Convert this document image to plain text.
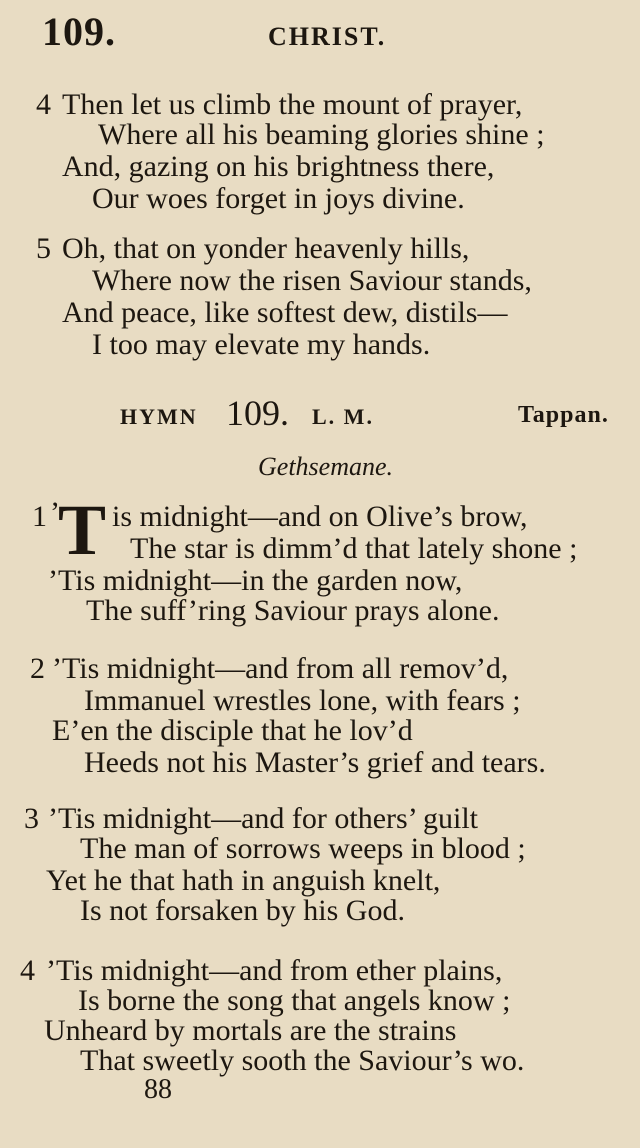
109.	CHRIST.
4 Then let us climb the mount of prayer,
Where all his beaming glories shine ;
And, gazing on his brightness there,
Our woes forget in joys divine.
5 Oh, that on yonder heavenly hills,
Where now the risen Saviour stands,
And peace, like softest dew, distils—
I too may elevate my hands.
HYMN 109. L. M.	Tappan.
Gethsemane.
1 ’
T is midnight—and on Olive’s brow,
The star is dimm’d that lately shone ;
’Tis midnight—in the garden now,
The suff’ring Saviour prays alone.
2 ’Tis midnight—and from all remov’d,
Immanuel wrestles lone, with fears ;
E’en the disciple that he lov’d
Heeds not his Master’s grief and tears.
3 ’Tis midnight—and for others’ guilt
The man of sorrows weeps in blood ;
Yet he that hath in anguish knelt,
Is not forsaken by his God.
4 ’Tis midnight—and from ether plains,
Is borne the song that angels know ;
Unheard by mortals are the strains
That sweetly sooth the Saviour’s wo.
88
